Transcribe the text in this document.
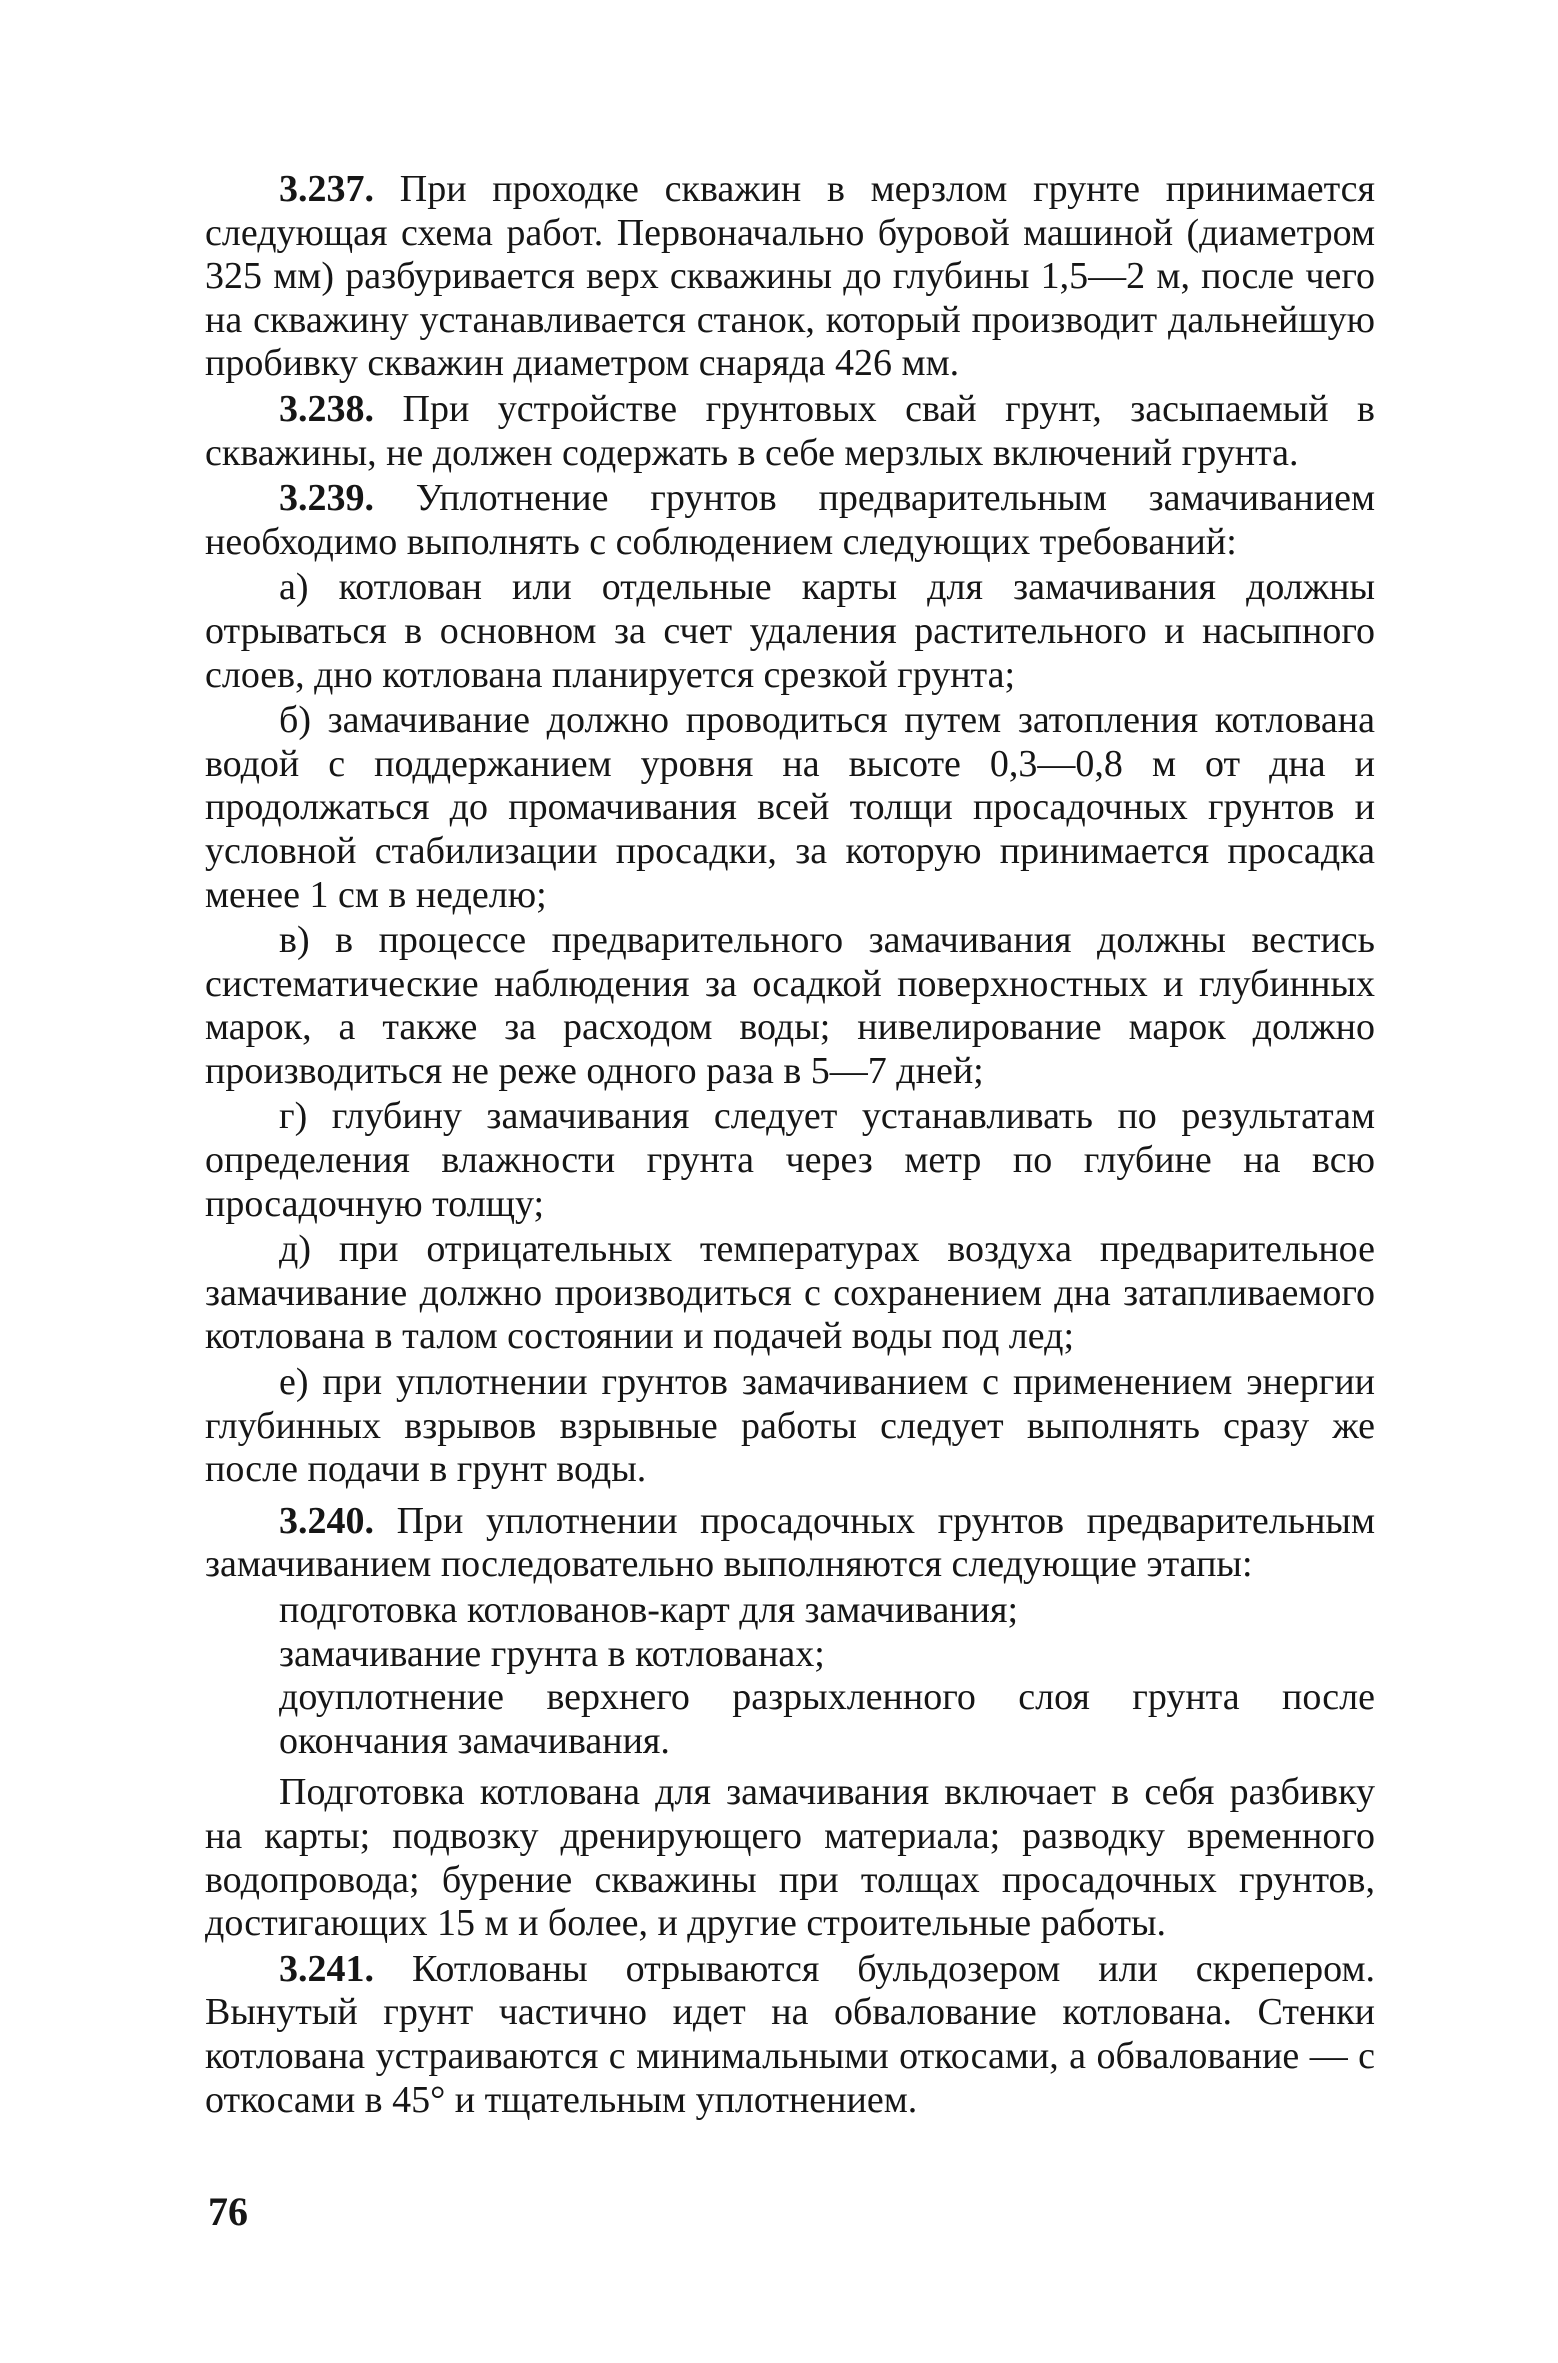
3.237. При проходке скважин в мерзлом грунте принимается следующая схема работ. Первоначально буровой машиной (диаметром 325 мм) разбуривается верх скважины до глубины 1,5—2 м, после чего на скважину устанавливается станок, который производит дальнейшую пробивку скважин диаметром снаряда 426 мм.

3.238. При устройстве грунтовых свай грунт, засыпаемый в скважины, не должен содержать в себе мерзлых включений грунта.

3.239. Уплотнение грунтов предварительным замачиванием необходимо выполнять с соблюдением следующих требований:

а) котлован или отдельные карты для замачивания должны отрываться в основном за счет удаления растительного и насыпного слоев, дно котлована планируется срезкой грунта;

б) замачивание должно проводиться путем затопления котлована водой с поддержанием уровня на высоте 0,3—0,8 м от дна и продолжаться до промачивания всей толщи просадочных грунтов и условной стабилизации просадки, за которую принимается просадка менее 1 см в неделю;

в) в процессе предварительного замачивания должны вестись систематические наблюдения за осадкой поверхностных и глубинных марок, а также за расходом воды; нивелирование марок должно производиться не реже одного раза в 5—7 дней;

г) глубину замачивания следует устанавливать по результатам определения влажности грунта через метр по глубине на всю просадочную толщу;

д) при отрицательных температурах воздуха предварительное замачивание должно производиться с сохранением дна затапливаемого котлована в талом состоянии и подачей воды под лед;

е) при уплотнении грунтов замачиванием с применением энергии глубинных взрывов взрывные работы следует выполнять сразу же после подачи в грунт воды.

3.240. При уплотнении просадочных грунтов предварительным замачиванием последовательно выполняются следующие этапы:

подготовка котлованов-карт для замачивания;

замачивание грунта в котлованах;

доуплотнение верхнего разрыхленного слоя грунта после окончания замачивания.

Подготовка котлована для замачивания включает в себя разбивку на карты; подвозку дренирующего материала; разводку временного водопровода; бурение скважины при толщах просадочных грунтов, достигающих 15 м и более, и другие строительные работы.

3.241. Котлованы отрываются бульдозером или скрепером. Вынутый грунт частично идет на обвалование котлована. Стенки котлована устраиваются с минимальными откосами, а обвалование — с откосами в 45° и тщательным уплотнением.

76
